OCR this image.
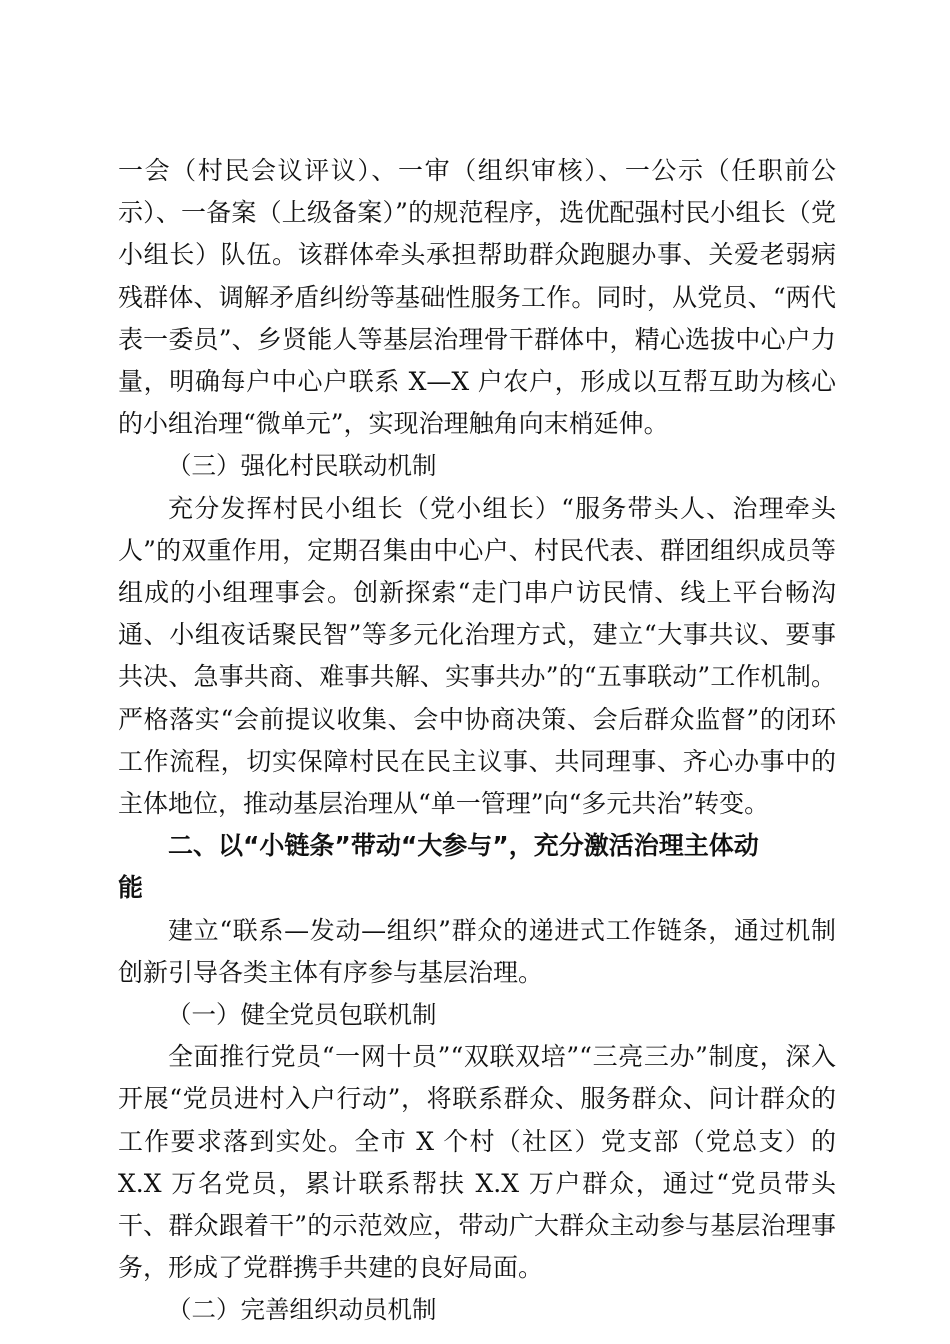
一会（村民会议评议）、一审（组织审核）、一公示（任职前公示）、一备案（上级备案）”的规范程序，选优配强村民小组长（党小组长）队伍。该群体牵头承担帮助群众跑腿办事、关爱老弱病残群体、调解矛盾纠纷等基础性服务工作。同时，从党员、“两代表一委员”、乡贤能人等基层治理骨干群体中，精心选拔中心户力量，明确每户中心户联系 X—X 户农户，形成以互帮互助为核心的小组治理“微单元”，实现治理触角向末梢延伸。

（三）强化村民联动机制

充分发挥村民小组长（党小组长）“服务带头人、治理牵头人”的双重作用，定期召集由中心户、村民代表、群团组织成员等组成的小组理事会。创新探索“走门串户访民情、线上平台畅沟通、小组夜话聚民智”等多元化治理方式，建立“大事共议、要事共决、急事共商、难事共解、实事共办”的“五事联动”工作机制。严格落实“会前提议收集、会中协商决策、会后群众监督”的闭环工作流程，切实保障村民在民主议事、共同理事、齐心办事中的主体地位，推动基层治理从“单一管理”向“多元共治”转变。

二、以“小链条”带动“大参与”，充分激活治理主体动
能

建立“联系—发动—组织”群众的递进式工作链条，通过机制创新引导各类主体有序参与基层治理。

（一）健全党员包联机制

全面推行党员“一网十员”“双联双培”“三亮三办”制度，深入开展“党员进村入户行动”，将联系群众、服务群众、问计群众的工作要求落到实处。全市 X 个村（社区）党支部（党总支）的 X.X 万名党员，累计联系帮扶 X.X 万户群众，通过“党员带头干、群众跟着干”的示范效应，带动广大群众主动参与基层治理事务，形成了党群携手共建的良好局面。

（二）完善组织动员机制
